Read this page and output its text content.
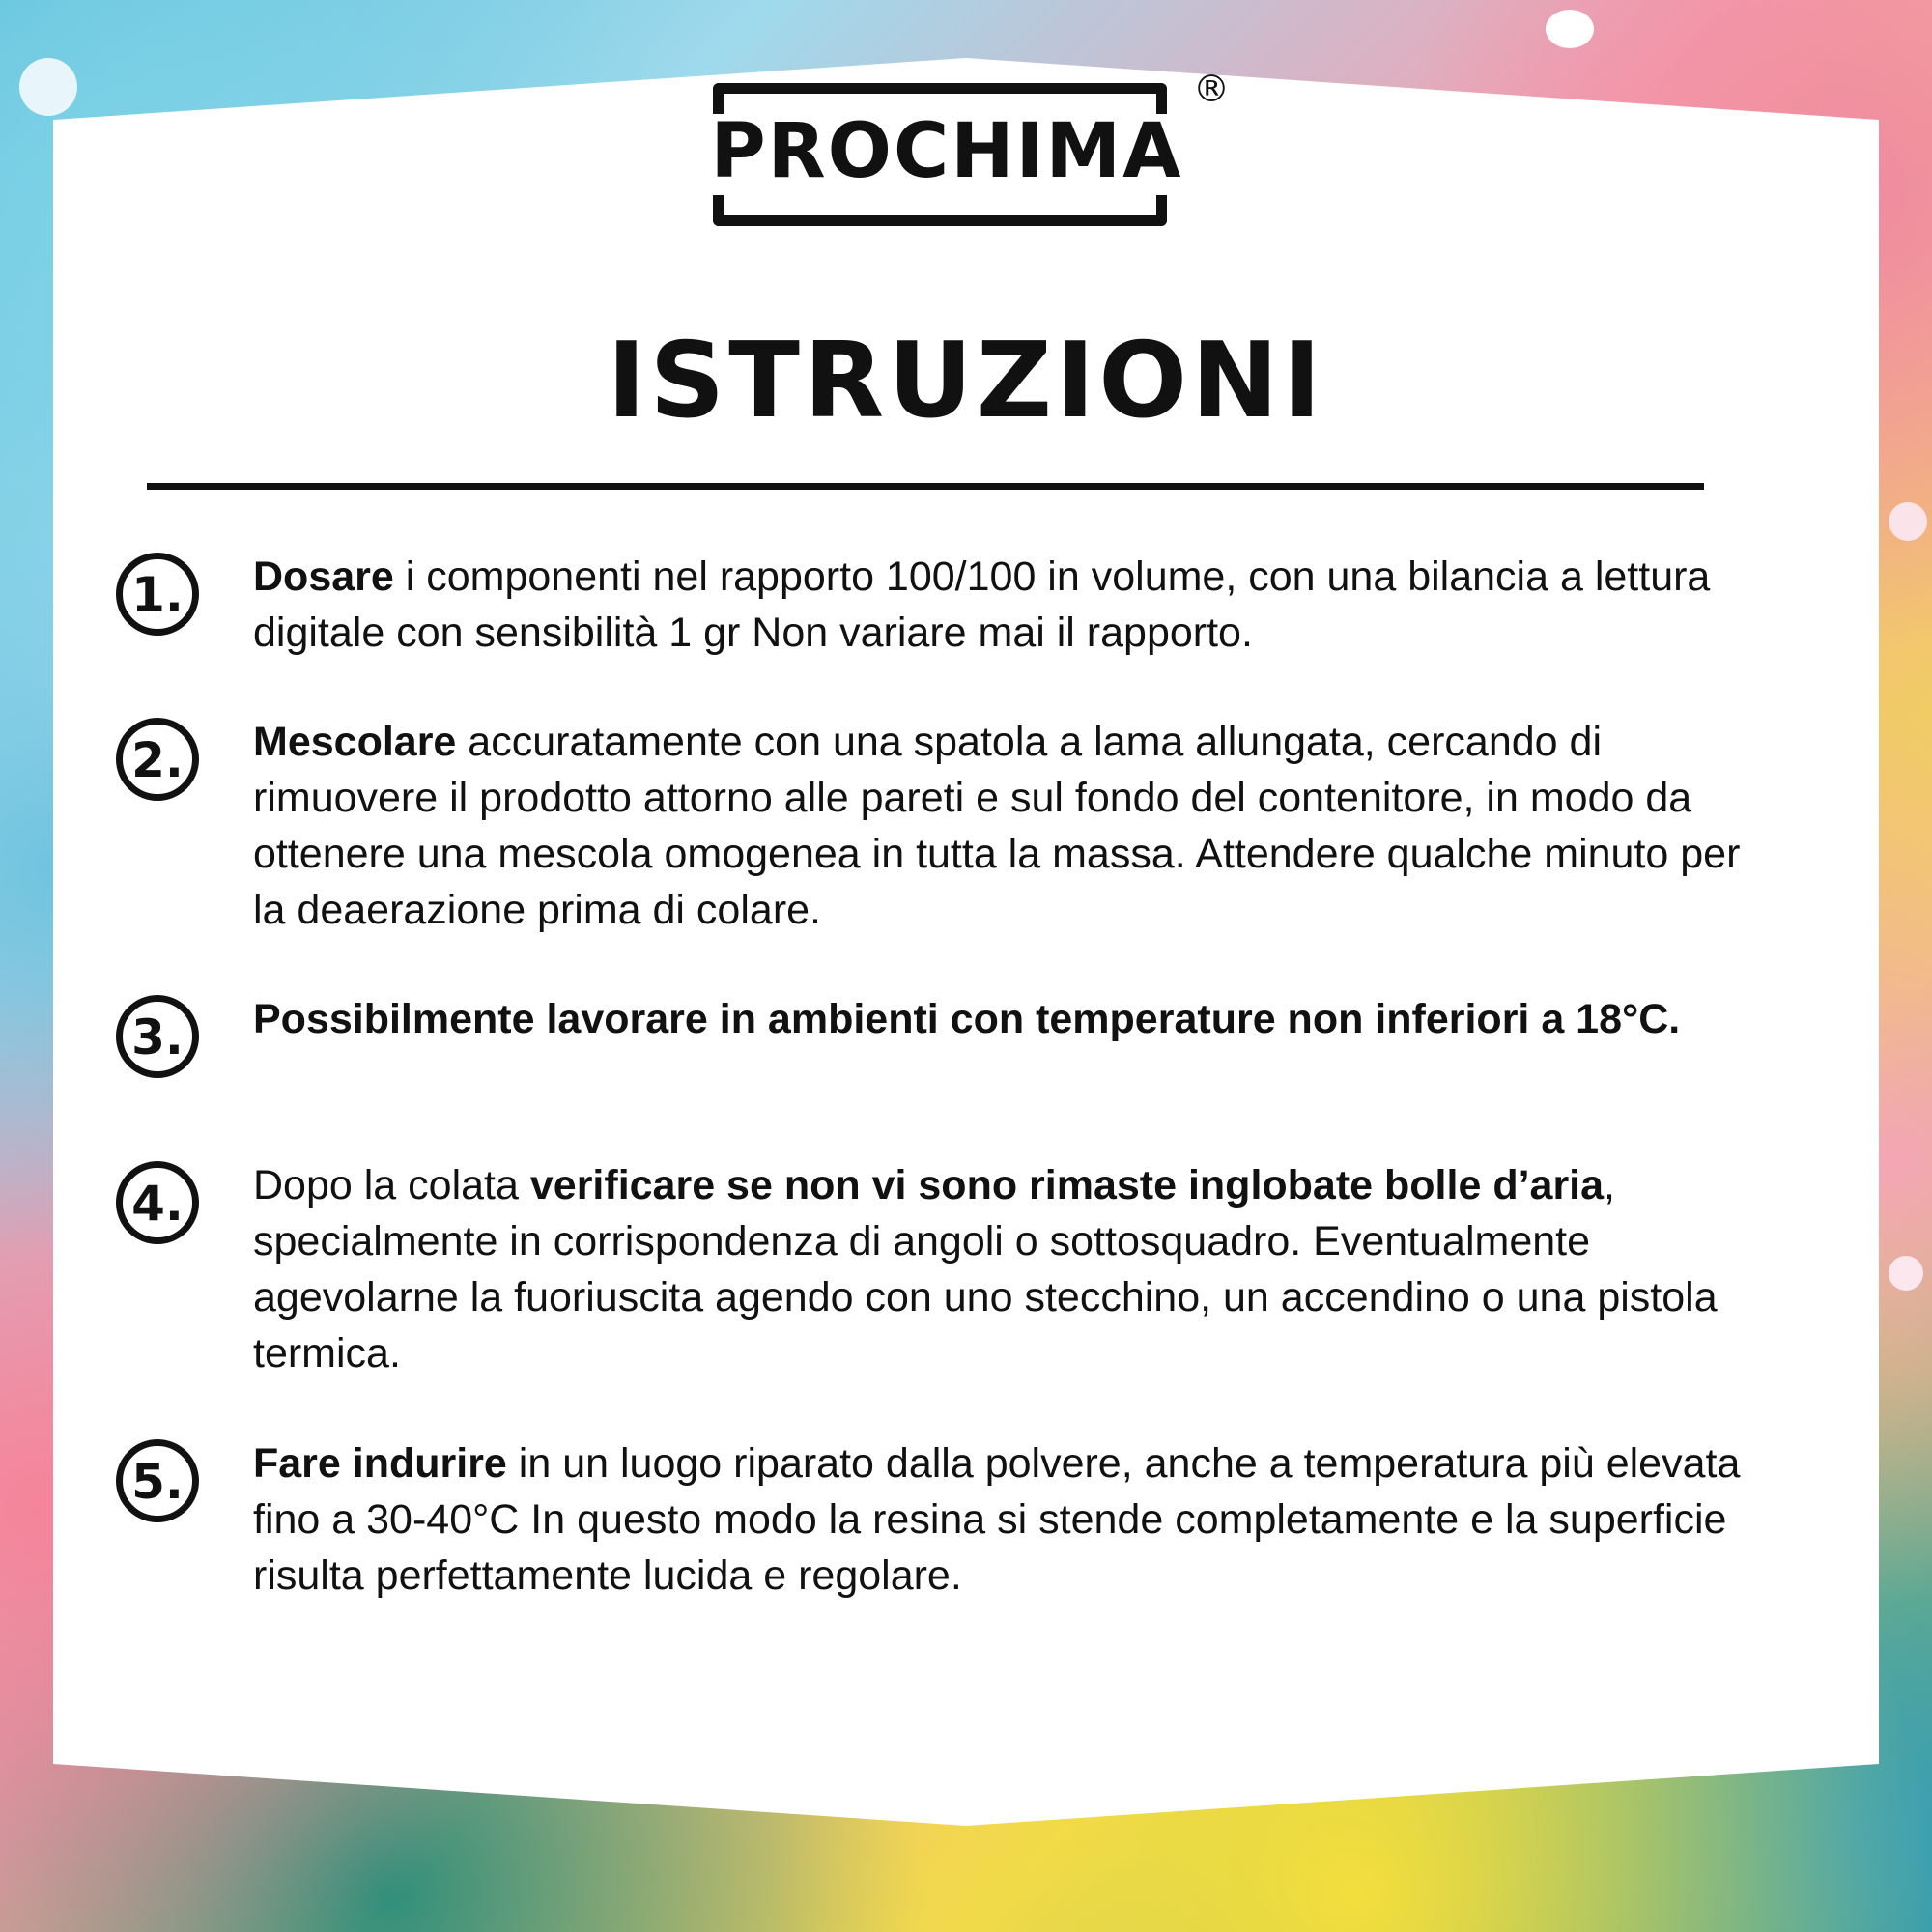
PROCHIMA
®
ISTRUZIONI
1.	Dosare i componenti nel rapporto 100/100 in volume, con una bilancia a lettura digitale con sensibilità 1 gr Non variare mai il rapporto.

2.	Mescolare accuratamente con una spatola a lama allungata, cercando di rimuovere il prodotto attorno alle pareti e sul fondo del contenitore, in modo da ottenere una mescola omogenea in tutta la massa. Attendere qualche minuto per la deaerazione prima di colare.

3.	Possibilmente lavorare in ambienti con temperature non inferiori a 18°C.

4.	Dopo la colata verificare se non vi sono rimaste inglobate bolle d’aria, specialmente in corrispondenza di angoli o sottosquadro. Eventualmente agevolarne la fuoriuscita agendo con uno stecchino, un accendino o una pistola termica.

5.	Fare indurire in un luogo riparato dalla polvere, anche a temperatura più elevata fino a 30-40°C In questo modo la resina si stende completamente e la superficie risulta perfettamente lucida e regolare.
